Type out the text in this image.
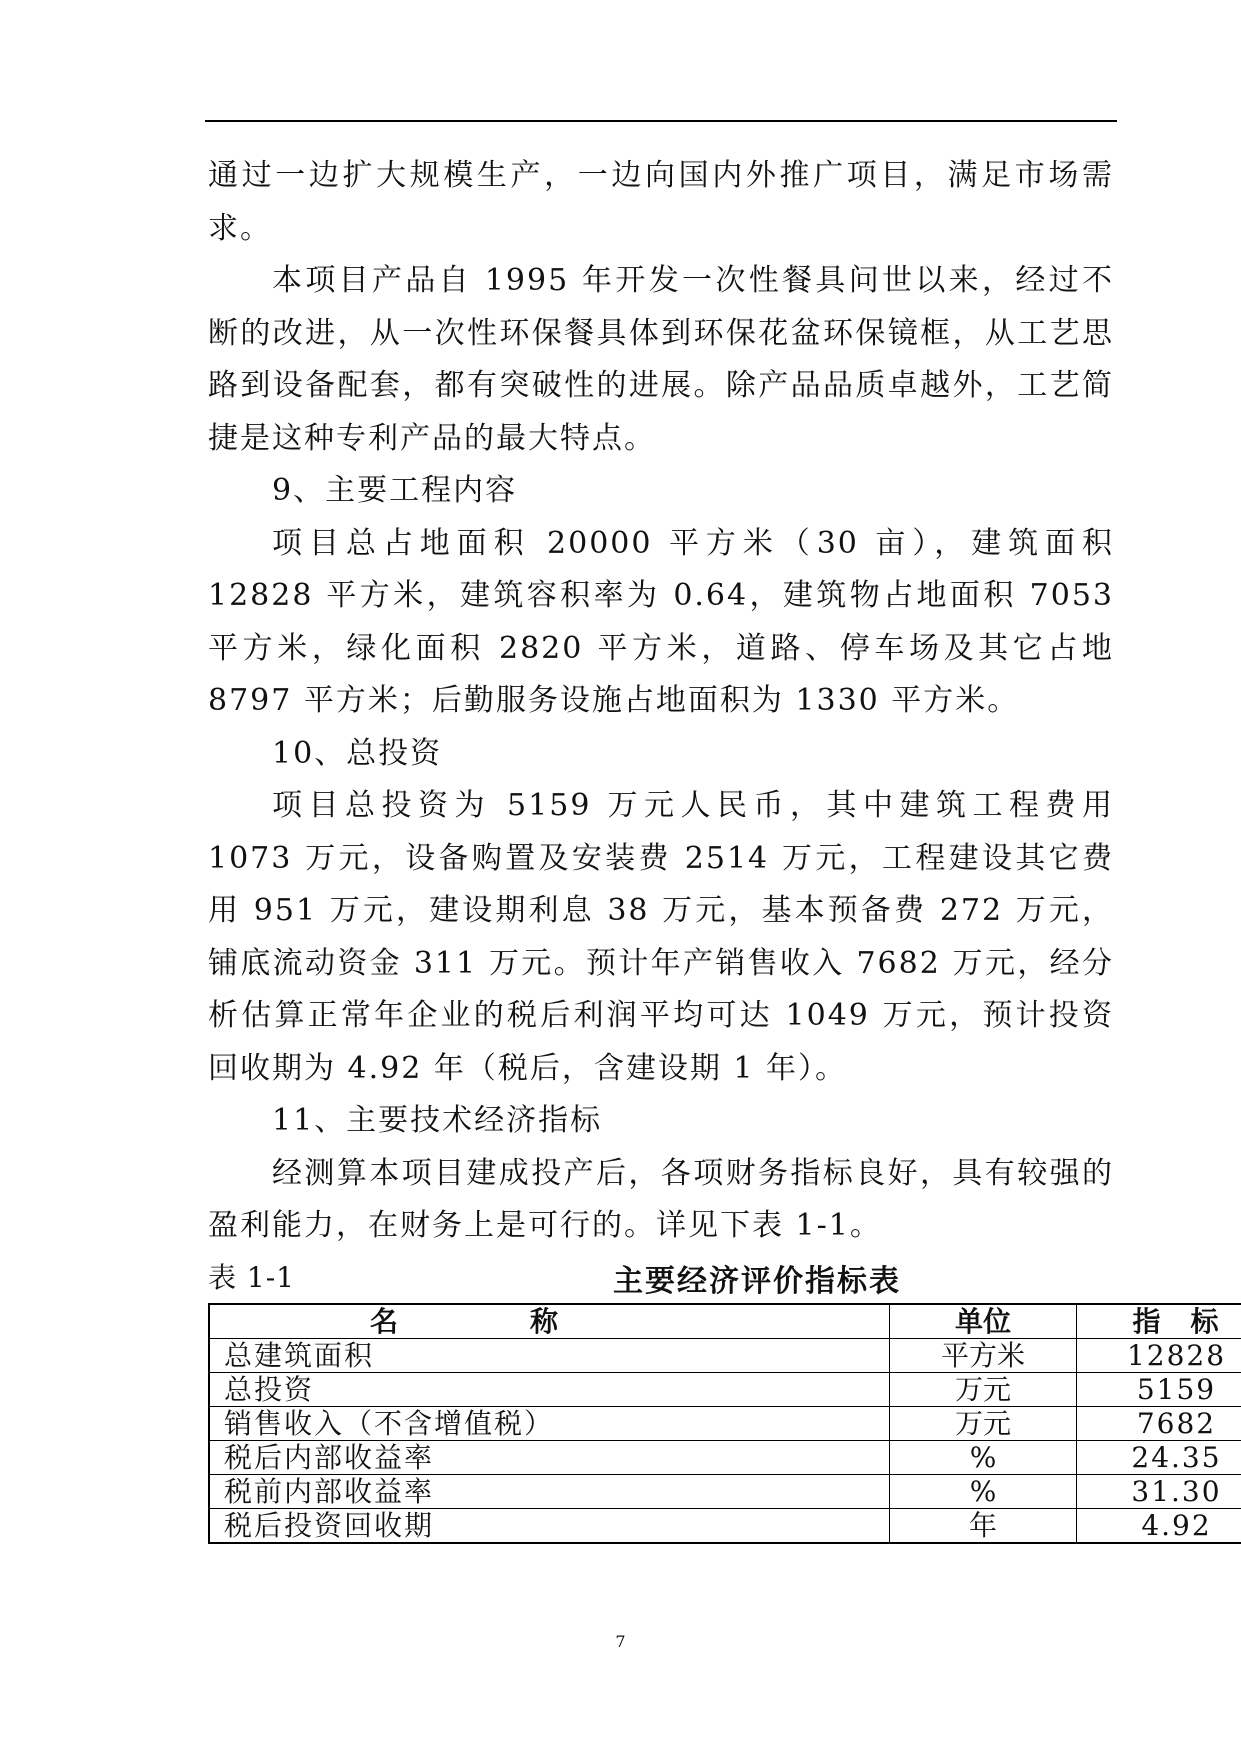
通过一边扩大规模生产，一边向国内外推广项目，满足市场需求。

本项目产品自 1995 年开发一次性餐具问世以来，经过不断的改进，从一次性环保餐具体到环保花盆环保镜框，从工艺思路到设备配套，都有突破性的进展。除产品品质卓越外，工艺简捷是这种专利产品的最大特点。

9、主要工程内容

项目总占地面积 20000 平方米（30 亩），建筑面积 12828 平方米，建筑容积率为 0.64，建筑物占地面积 7053 平方米，绿化面积 2820 平方米，道路、停车场及其它占地 8797 平方米；后勤服务设施占地面积为 1330 平方米。

10、总投资

项目总投资为 5159 万元人民币，其中建筑工程费用 1073 万元，设备购置及安装费 2514 万元，工程建设其它费用 951 万元，建设期利息 38 万元，基本预备费 272 万元，铺底流动资金 311 万元。预计年产销售收入 7682 万元，经分析估算正常年企业的税后利润平均可达 1049 万元，预计投资回收期为 4.92 年（税后，含建设期 1 年）。

11、主要技术经济指标

经测算本项目建成投产后，各项财务指标良好，具有较强的盈利能力，在财务上是可行的。详见下表 1-1。

表 1-1	主要经济评价指标表
名 称	单位	指 标
总建筑面积	平方米	12828
总投资	万元	5159
销售收入（不含增值税）	万元	7682
税后内部收益率	%	24.35
税前内部收益率	%	31.30
税后投资回收期	年	4.92
7
